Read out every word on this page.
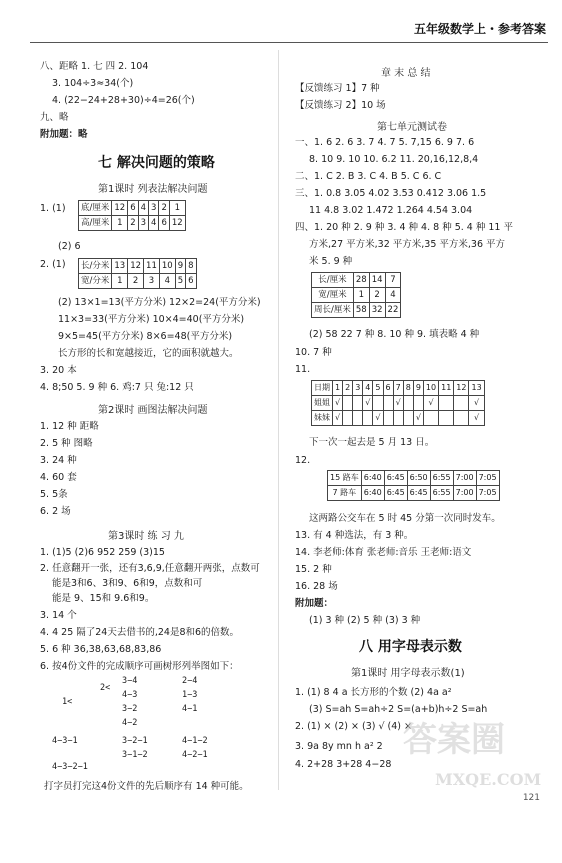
五年级数学上・参考答案
八、距略 1. 七 四 2. 104
3. 104÷3≈34(个)
4. (22−24+28+30)÷4=26(个)
九、略
附加题：略
七 解决问题的策略
第1课时 列表法解决问题
1. (1) 底/厘米	12	6	4	3	2	1
高/厘米	1	2	3	4	6	12
(2) 6
2. (1) 长/分米	13	12	11	10	9	8
宽/分米	1	2	3	4	5	6
(2) 13×1=13(平方分米) 12×2=24(平方分米)
11×3=33(平方分米) 10×4=40(平方分米)
9×5=45(平方分米) 8×6=48(平方分米)
长方形的长和宽越接近，它的面积就越大。
3. 20 本
4. 8;50 5. 9 种 6. 鸡:7 只 兔:12 只
第2课时 画图法解决问题
1. 12 种 距略
2. 5 种 图略
3. 24 种
4. 60 套
5. 5条
6. 2 场
第3课时 练 习 九
1. (1)5 (2)6 952 259 (3)15
2. 任意翻开一张，还有3,6,9,任意翻开两张，点数可
能是3和6、3和9、6和9，点数和可
能是 9、15和 9.6和9。
3. 14 个
4. 4 25 隔了24天去借书的,24是8和6的倍数。
5. 6 种 36,38,63,68,83,86
6. 按4份文件的完成顺序可画树形列举图如下：

3−4

4−3

2<

1<

3−2

4−2

2−4

1−3

4−1

4−3−1

	3−2−1

3−1−2

4−1−2

4−2−1

4−3−2−1

打字员打完这4份文件的先后顺序有 14 种可能。
章 末 总 结
【反馈练习 1】7 种
【反馈练习 2】10 场
第七单元测试卷
一、1. 6 2. 6 3. 7 4. 7 5. 7,15 6. 9 7. 6
8. 10 9. 10 10. 6.2 11. 20,16,12,8,4
二、1. C 2. B 3. C 4. B 5. C 6. C
三、1. 0.8 3.05 4.02 3.53 0.412 3.06 1.5
11 4.8 3.02 1.472 1.264 4.54 3.04
四、1. 20 种 2. 9 种 3. 4 种 4. 8 种 5. 4 种 11 平
方米,27 平方米,32 平方米,35 平方米,36 平方
米 5. 9 种
长/厘米	28	14	7
宽/厘米	1	2	4
周长/厘米	58	32	22
(2) 58 22 7 种 8. 10 种 9. 填表略 4 种
10. 7 种
11.
日期	1	2	3	4	5	6	7	8	9	10	11	12	13
姐姐	√			√			√			√			√
妹妹	√				√				√				√
下一次一起去是 5 月 13 日。
12.
15 路车	6:40	6:45	6:50	6:55	7:00	7:05
7 路车	6:40	6:45	6:45	6:55	7:00	7:05
这两路公交车在 5 时 45 分第一次同时发车。
13. 有 4 种选法，有 3 种。
14. 李老师:体育 张老师:音乐 王老师:语文
15. 2 种
16. 28 场
附加题：
(1) 3 种 (2) 5 种 (3) 3 种
八 用字母表示数
第1课时 用字母表示数(1)
1. (1) 8 4 a 长方形的个数 (2) 4a a²
(3) S=ah S=ah÷2 S=(a+b)h÷2 S=ah
2. (1) × (2) × (3) √ (4) ×
3. 9a 8y mn h a² 2
4. 2+28 3+28 4−28
答案圈
MXQE.COM
121
